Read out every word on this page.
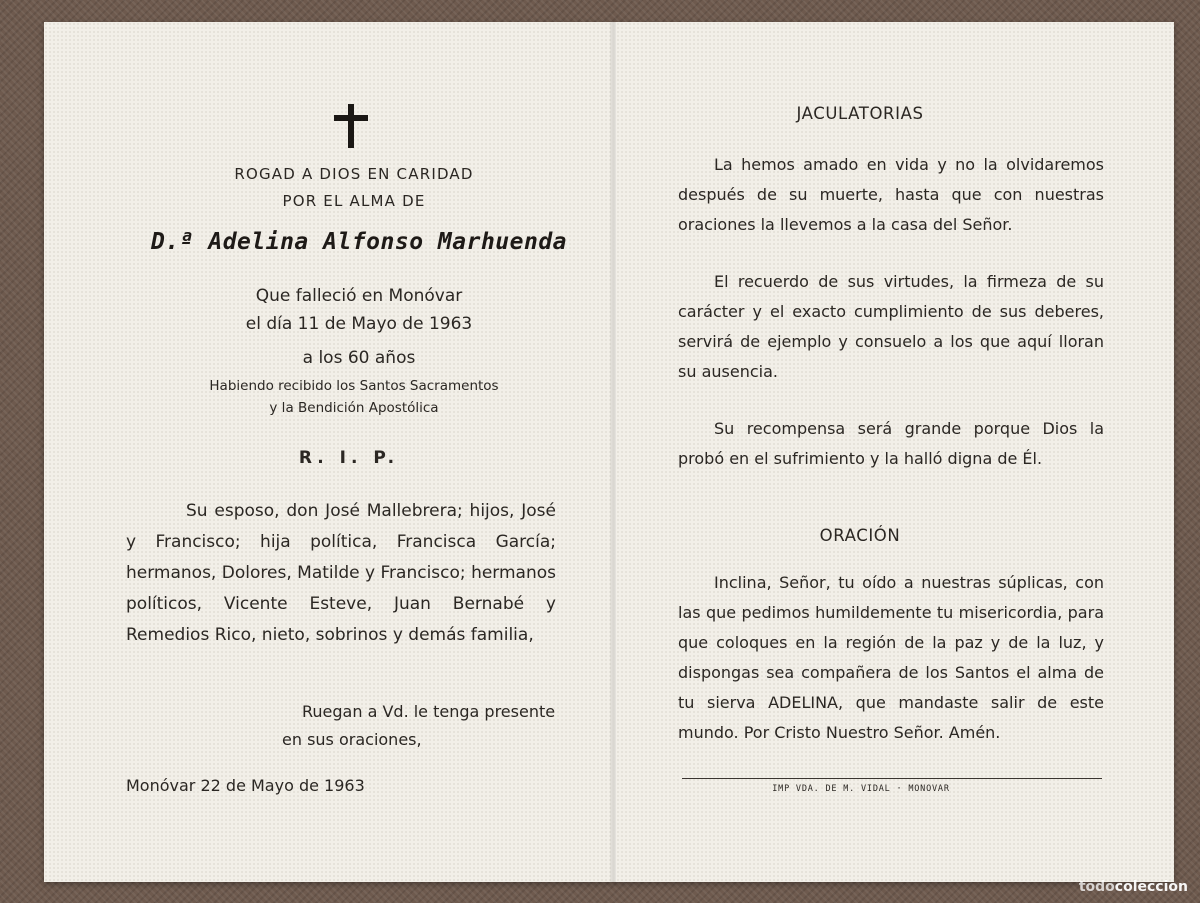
ROGAD A DIOS EN CARIDAD
POR EL ALMA DE
D.ª Adelina Alfonso Marhuenda
Que falleció en Monóvar
el día 11 de Mayo de 1963
a los 60 años
Habiendo recibido los Santos Sacramentos
y la Bendición Apostólica
R. I. P.
Su esposo, don José Mallebrera; hijos, José y Francisco; hija política, Francisca García; hermanos, Dolores, Matilde y Francisco; hermanos políticos, Vicente Esteve, Juan Bernabé y Remedios Rico, nieto, sobrinos y demás familia,
Ruegan a Vd. le tenga presente
en sus oraciones,
Monóvar 22 de Mayo de 1963
JACULATORIAS

La hemos amado en vida y no la olvidaremos después de su muerte, hasta que con nuestras oraciones la llevemos a la casa del Señor.

El recuerdo de sus virtudes, la firmeza de su carácter y el exacto cumplimiento de sus deberes, servirá de ejemplo y consuelo a los que aquí lloran su ausencia.

Su recompensa será grande porque Dios la probó en el sufrimiento y la halló digna de Él.

ORACIÓN

Inclina, Señor, tu oído a nuestras súplicas, con las que pedimos humildemente tu misericordia, para que coloques en la región de la paz y de la luz, y dispongas sea compañera de los Santos el alma de tu sierva ADELINA, que mandaste salir de este mundo. Por Cristo Nuestro Señor. Amén.

IMP VDA. DE M. VIDAL · MONOVAR
todocoleccion
